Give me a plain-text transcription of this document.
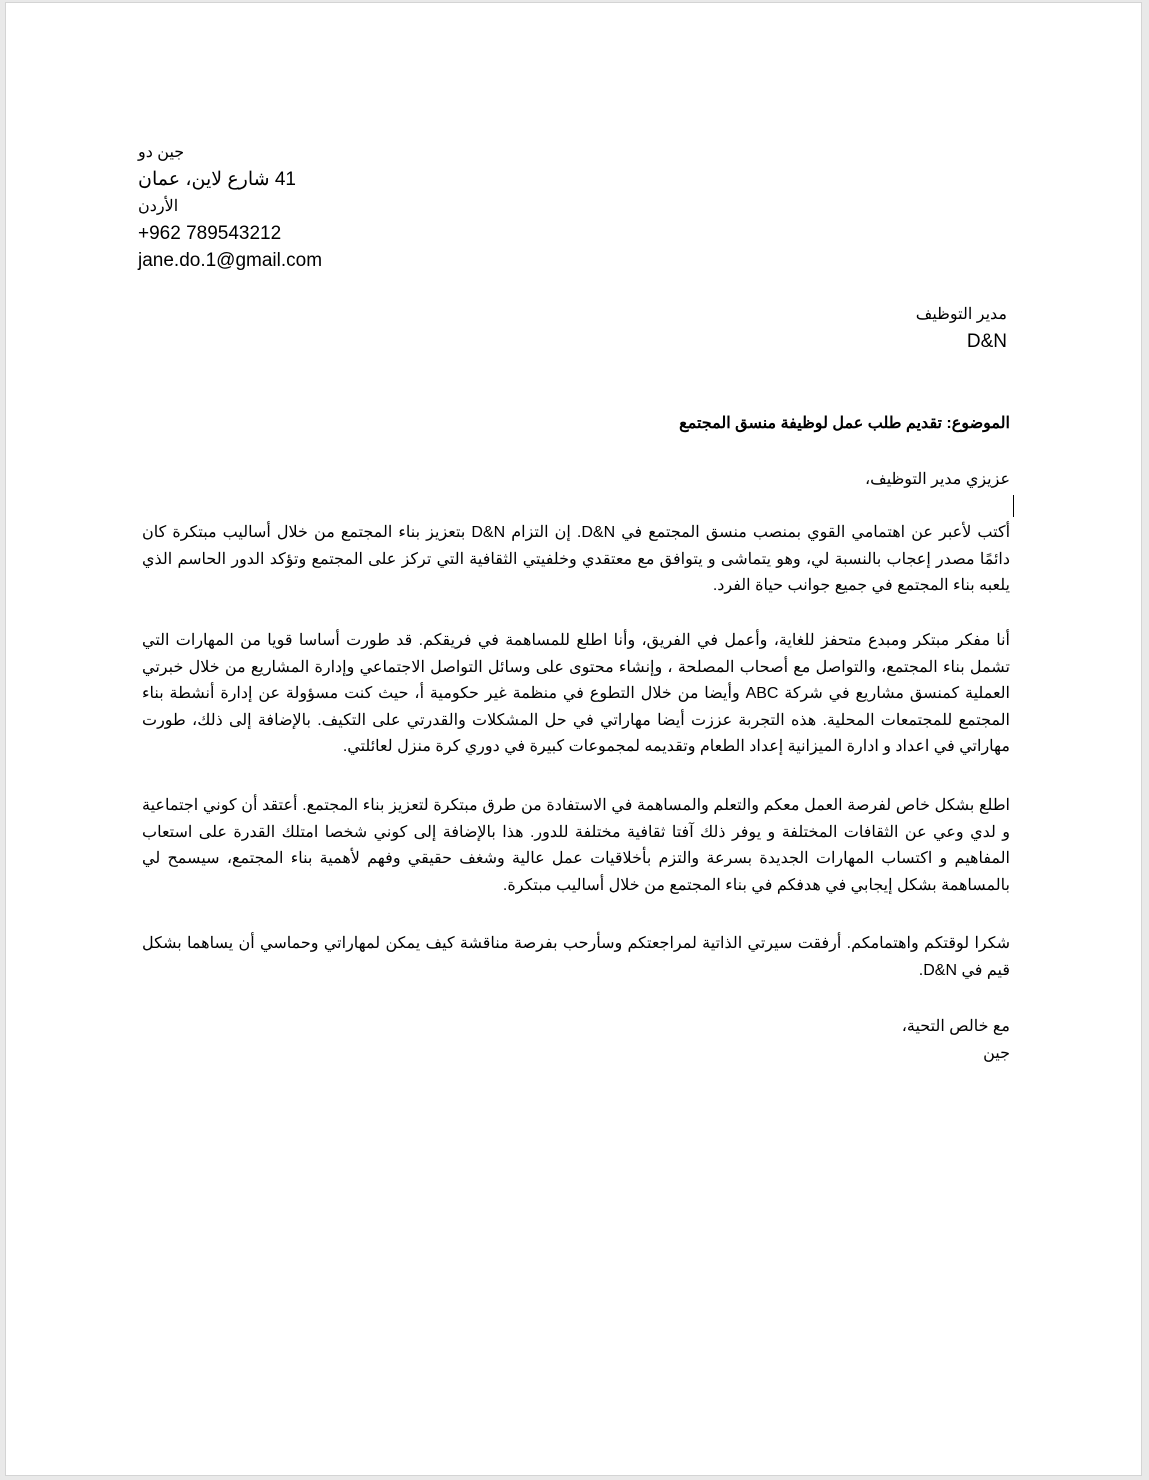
جين دو
41 شارع لاين، عمان
الأردن
+962 789543212
jane.do.1@gmail.com
مدير التوظيف
D&N
الموضوع: تقديم طلب عمل لوظيفة منسق المجتمع
عزيزي مدير التوظيف،
أكتب لأعبر عن اهتمامي القوي بمنصب منسق المجتمع في D&N. إن التزام D&N بتعزيز بناء المجتمع من خلال أساليب مبتكرة كان دائمًا مصدر إعجاب بالنسبة لي، وهو يتماشى و يتوافق مع معتقدي وخلفيتي الثقافية التي تركز على المجتمع وتؤكد الدور الحاسم الذي يلعبه بناء المجتمع في جميع جوانب حياة الفرد.
أنا مفكر مبتكر ومبدع متحفز للغاية، وأعمل في الفريق، وأنا اطلع للمساهمة في فريقكم. قد طورت أساسا قويا من المهارات التي تشمل بناء المجتمع، والتواصل مع أصحاب المصلحة ، وإنشاء محتوى على وسائل التواصل الاجتماعي وإدارة المشاريع من خلال خبرتي العملية كمنسق مشاريع في شركة ABC وأيضا من خلال التطوع في منظمة غير حكومية أ، حيث كنت مسؤولة عن إدارة أنشطة بناء المجتمع للمجتمعات المحلية. هذه التجربة عززت أيضا مهاراتي في حل المشكلات والقدرتي على التكيف. بالإضافة إلى ذلك، طورت مهاراتي في اعداد و ادارة الميزانية إعداد الطعام وتقديمه لمجموعات كبيرة في دوري كرة منزل لعائلتي.
اطلع بشكل خاص لفرصة العمل معكم والتعلم والمساهمة في الاستفادة من طرق مبتكرة لتعزيز بناء المجتمع. أعتقد أن كوني اجتماعية و لدي وعي عن الثقافات المختلفة و يوفر ذلك آفتا ثقافية مختلفة للدور. هذا بالإضافة إلى كوني شخصا امتلك القدرة على استعاب المفاهيم و اكتساب المهارات الجديدة بسرعة والتزم بأخلاقيات عمل عالية وشغف حقيقي وفهم لأهمية بناء المجتمع، سيسمح لي بالمساهمة بشكل إيجابي في هدفكم في بناء المجتمع من خلال أساليب مبتكرة.
شكرا لوقتكم واهتمامكم. أرفقت سيرتي الذاتية لمراجعتكم وسأرحب بفرصة مناقشة كيف يمكن لمهاراتي وحماسي أن يساهما بشكل قيم في D&N.
مع خالص التحية،
جين
